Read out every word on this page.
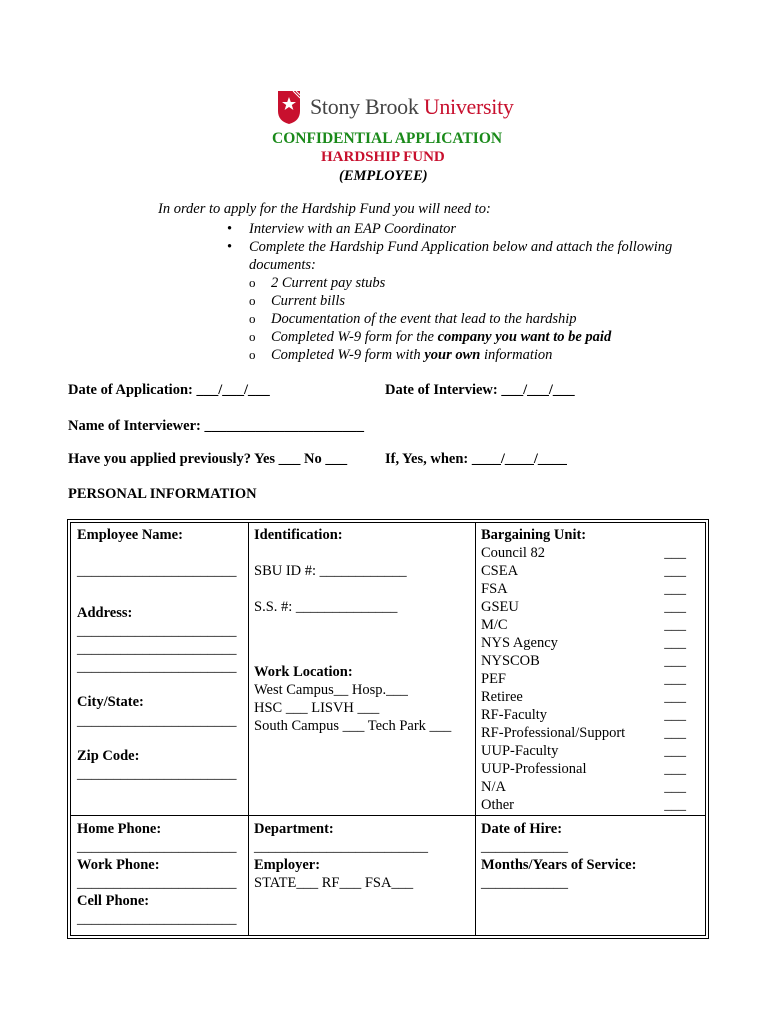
Stony Brook University
CONFIDENTIAL APPLICATION
HARDSHIP FUND
(EMPLOYEE)
In order to apply for the Hardship Fund you will need to:
• Interview with an EAP Coordinator
• Complete the Hardship Fund Application below and attach the following
documents:
o 2 Current pay stubs
o Current bills
o Documentation of the event that lead to the hardship
o Completed W-9 form for the company you want to be paid
o Completed W-9 form with your own information
Date of Application: ___/___/___	Date of Interview: ___/___/___
Name of Interviewer: ______________________
Have you applied previously? Yes ___ No ___	If, Yes, when: ____/____/____
PERSONAL INFORMATION
Employee Name:
______________________
Address:
______________________
______________________
______________________
City/State:
______________________
Zip Code:
______________________
Identification:
SBU ID #: ____________
S.S. #: ______________
Work Location:
West Campus__ Hosp.___
HSC ___ LISVH ___
South Campus ___ Tech Park ___
Bargaining Unit:
Council 82	___
CSEA	___
FSA	___
GSEU	___
M/C	___
NYS Agency	___
NYSCOB	___
PEF	___
Retiree	___
RF-Faculty	___
RF-Professional/Support	___
UUP-Faculty	___
UUP-Professional	___
N/A	___
Other	___
Home Phone:
______________________
Work Phone:
______________________
Cell Phone:
______________________
Department:
________________________
Employer:
STATE___ RF___ FSA___
Date of Hire:
____________
Months/Years of Service:
____________
